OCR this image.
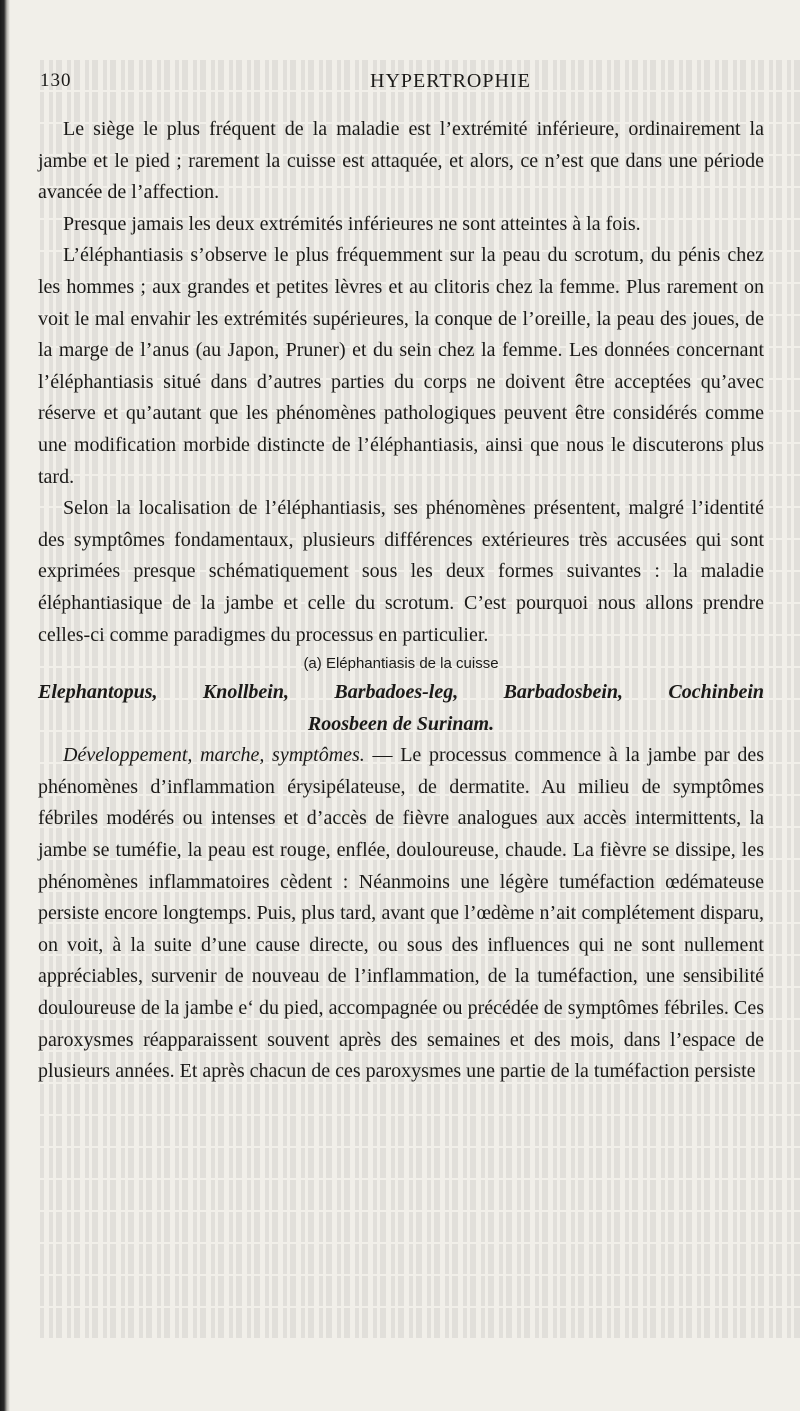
130	HYPERTROPHIE

Le siège le plus fréquent de la maladie est l’extrémité inférieure, ordinairement la jambe et le pied ; rarement la cuisse est attaquée, et alors, ce n’est que dans une période avancée de l’affection.

Presque jamais les deux extrémités inférieures ne sont atteintes à la fois.

L’éléphantiasis s’observe le plus fréquemment sur la peau du scrotum, du pénis chez les hommes ; aux grandes et petites lèvres et au clitoris chez la femme. Plus rarement on voit le mal envahir les extrémités supérieures, la conque de l’oreille, la peau des joues, de la marge de l’anus (au Japon, Pruner) et du sein chez la femme. Les données concernant l’éléphantiasis situé dans d’autres parties du corps ne doivent être acceptées qu’avec réserve et qu’autant que les phénomènes pathologiques peuvent être considérés comme une modification morbide distincte de l’éléphantiasis, ainsi que nous le discuterons plus tard.

Selon la localisation de l’éléphantiasis, ses phénomènes présentent, malgré l’identité des symptômes fondamentaux, plusieurs différences extérieures très accusées qui sont exprimées presque schématiquement sous les deux formes suivantes : la maladie éléphantiasique de la jambe et celle du scrotum. C’est pourquoi nous allons prendre celles-ci comme paradigmes du processus en particulier.

(a) Eléphantiasis de la cuisse

Elephantopus, Knollbein, Barbadoes-leg, Barbadosbein, Cochinbein

Roosbeen de Surinam.

Développement, marche, symptômes. — Le processus commence à la jambe par des phénomènes d’inflammation érysipélateuse, de dermatite. Au milieu de symptômes fébriles modérés ou intenses et d’accès de fièvre analogues aux accès intermittents, la jambe se tuméfie, la peau est rouge, enflée, douloureuse, chaude. La fièvre se dissipe, les phénomènes inflammatoires cèdent : Néanmoins une légère tuméfaction œdémateuse persiste encore longtemps. Puis, plus tard, avant que l’œdème n’ait complétement disparu, on voit, à la suite d’une cause directe, ou sous des influences qui ne sont nullement appréciables, survenir de nouveau de l’inflammation, de la tuméfaction, une sensibilité douloureuse de la jambe e‘ du pied, accompagnée ou précédée de symptômes fébriles. Ces paroxysmes réapparaissent souvent après des semaines et des mois, dans l’espace de plusieurs années. Et après chacun de ces paroxysmes une partie de la tuméfaction persiste
